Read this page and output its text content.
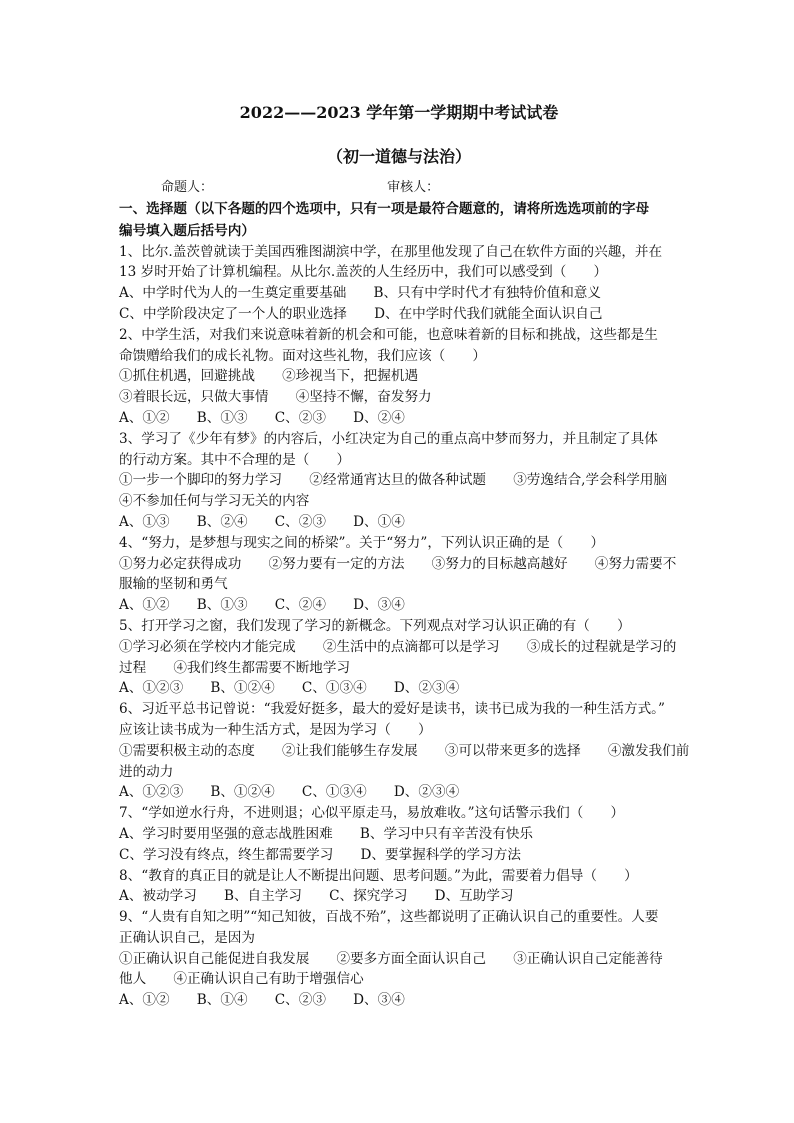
2022——2023 学年第一学期期中考试试卷
（初一道德与法治）
命题人：	审核人：
一、选择题（以下各题的四个选项中，只有一项是最符合题意的，请将所选选项前的字母
编号填入题后括号内）
1、比尔.盖茨曾就读于美国西雅图湖滨中学，在那里他发现了自己在软件方面的兴趣，并在
13 岁时开始了计算机编程。从比尔.盖茨的人生经历中，我们可以感受到（　　）
A、中学时代为人的一生奠定重要基础　　B、只有中学时代才有独特价值和意义
C、中学阶段决定了一个人的职业选择　　D、在中学时代我们就能全面认识自己
2、中学生活，对我们来说意味着新的机会和可能，也意味着新的目标和挑战，这些都是生
命馈赠给我们的成长礼物。面对这些礼物，我们应该（　　）
①抓住机遇，回避挑战　　②珍视当下，把握机遇
③着眼长远，只做大事情　　④坚持不懈，奋发努力
A、①②　　B、①③　　C、②③　　D、②④
3、学习了《少年有梦》的内容后，小红决定为自己的重点高中梦而努力，并且制定了具体
的行动方案。其中不合理的是（　　）
①一步一个脚印的努力学习　　②经常通宵达旦的做各种试题　　③劳逸结合,学会科学用脑
④不参加任何与学习无关的内容
A、①③　　B、②④　　C、②③　　D、①④
4、“努力，是梦想与现实之间的桥梁”。关于“努力”，下列认识正确的是（　　）
①努力必定获得成功　　②努力要有一定的方法　　③努力的目标越高越好　　④努力需要不
服输的坚韧和勇气
A、①②　　B、①③　　C、②④　　D、③④
5、打开学习之窗，我们发现了学习的新概念。下列观点对学习认识正确的有（　　）
①学习必须在学校内才能完成　　②生活中的点滴都可以是学习　　③成长的过程就是学习的
过程　　④我们终生都需要不断地学习
A、①②③　　B、①②④　　C、①③④　　D、②③④
6、习近平总书记曾说：“我爱好挺多，最大的爱好是读书，读书已成为我的一种生活方式。”
应该让读书成为一种生活方式，是因为学习（　　）
①需要积极主动的态度　　②让我们能够生存发展　　③可以带来更多的选择　　④激发我们前
进的动力
A、①②③　　B、①②④　　C、①③④　　D、②③④
7、“学如逆水行舟，不进则退；心似平原走马，易放难收。”这句话警示我们（　　）
A、学习时要用坚强的意志战胜困难　　B、学习中只有辛苦没有快乐
C、学习没有终点，终生都需要学习　　D、要掌握科学的学习方法
8、“教育的真正目的就是让人不断提出问题、思考问题。”为此，需要着力倡导（　　）
A、被动学习　　B、自主学习　　C、探究学习　　D、互助学习
9、“人贵有自知之明”“知己知彼，百战不殆”，这些都说明了正确认识自己的重要性。人要
正确认识自己，是因为
①正确认识自己能促进自我发展　　②要多方面全面认识自己　　③正确认识自己定能善待
他人　　④正确认识自己有助于增强信心
A、①②　　B、①④　　C、②③　　D、③④
